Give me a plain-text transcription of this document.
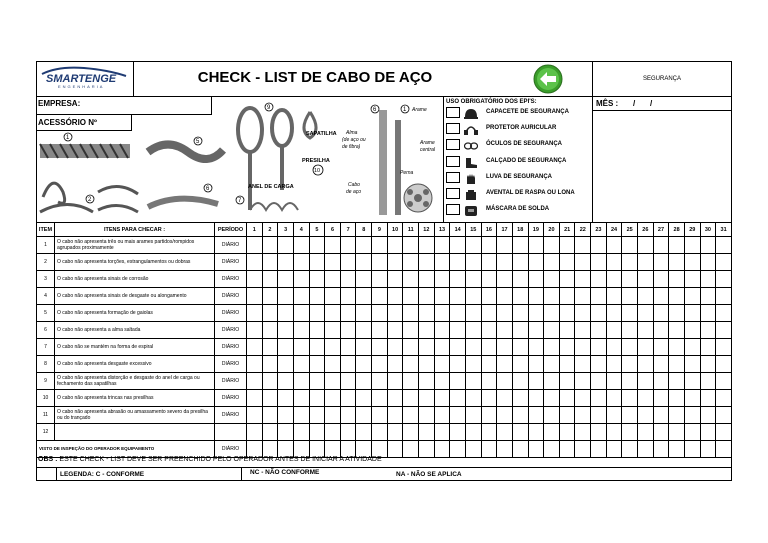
SMARTENGE
ENGENHARIA
CHECK - LIST DE CABO DE AÇO	SEGURANÇA
EMPRESA:
ACESSÓRIO Nº
1
5
2
6
9
SAPATILHA
PRESILHA
10
ANEL DE CARGA
7
6	1 Arame
Alma
(de aço ou
de fibra)
Arame
central
Perna
Cabo
de aço
USO OBRIGATÓRIO DOS EPI'S:	MÊS : / /
CAPACETE DE SEGURANÇA
PROTETOR AURICULAR
ÓCULOS DE SEGURANÇA
CALÇADO DE SEGURANÇA
LUVA DE SEGURANÇA
AVENTAL DE RASPA OU LONA
MÁSCARA DE SOLDA
ITEM	ITENS PARA CHECAR :	PERÍODO	1	2	3	4	5	6	7	8	9	10	11	12	13	14	15	16	17	18	19	20	21	22	23	24	25	26	27	28	29	30	31
1	O cabo não apresenta três ou mais arames partidos/rompidos agrupados proximamente	DIÁRIO																															
2	O cabo não apresenta torções, estrangulamentos ou dobras	DIÁRIO																															
3	O cabo não apresenta sinais de corrosão	DIÁRIO																															
4	O cabo não apresenta sinais de desgaste ou alongamento	DIÁRIO																															
5	O cabo não apresenta formação de gaiolas	DIÁRIO																															
6	O cabo não apresenta a alma saltada	DIÁRIO																															
7	O cabo não se mantém na forma de espiral	DIÁRIO																															
8	O cabo não apresenta desgaste excessivo	DIÁRIO																															
9	O cabo não apresenta distorção e desgaste do anel de carga ou fechamento das sapatilhas	DIÁRIO																															
10	O cabo não apresenta trincas nas presilhas	DIÁRIO																															
11	O cabo não apresenta abrasão ou amassamento severo da presilha ou do trançado	DIÁRIO																															
12																																	
VISTO DE INSPEÇÃO DO OPERADOR EQUIPAMENTO		DIÁRIO																															
OBS : ESTE CHECK - LIST DEVE SER PREENCHIDO PELO OPERADOR ANTES DE INICIAR A ATIVIDADE
LEGENDA: C - CONFORME	NC - NÃO CONFORME	NA - NÃO SE APLICA
